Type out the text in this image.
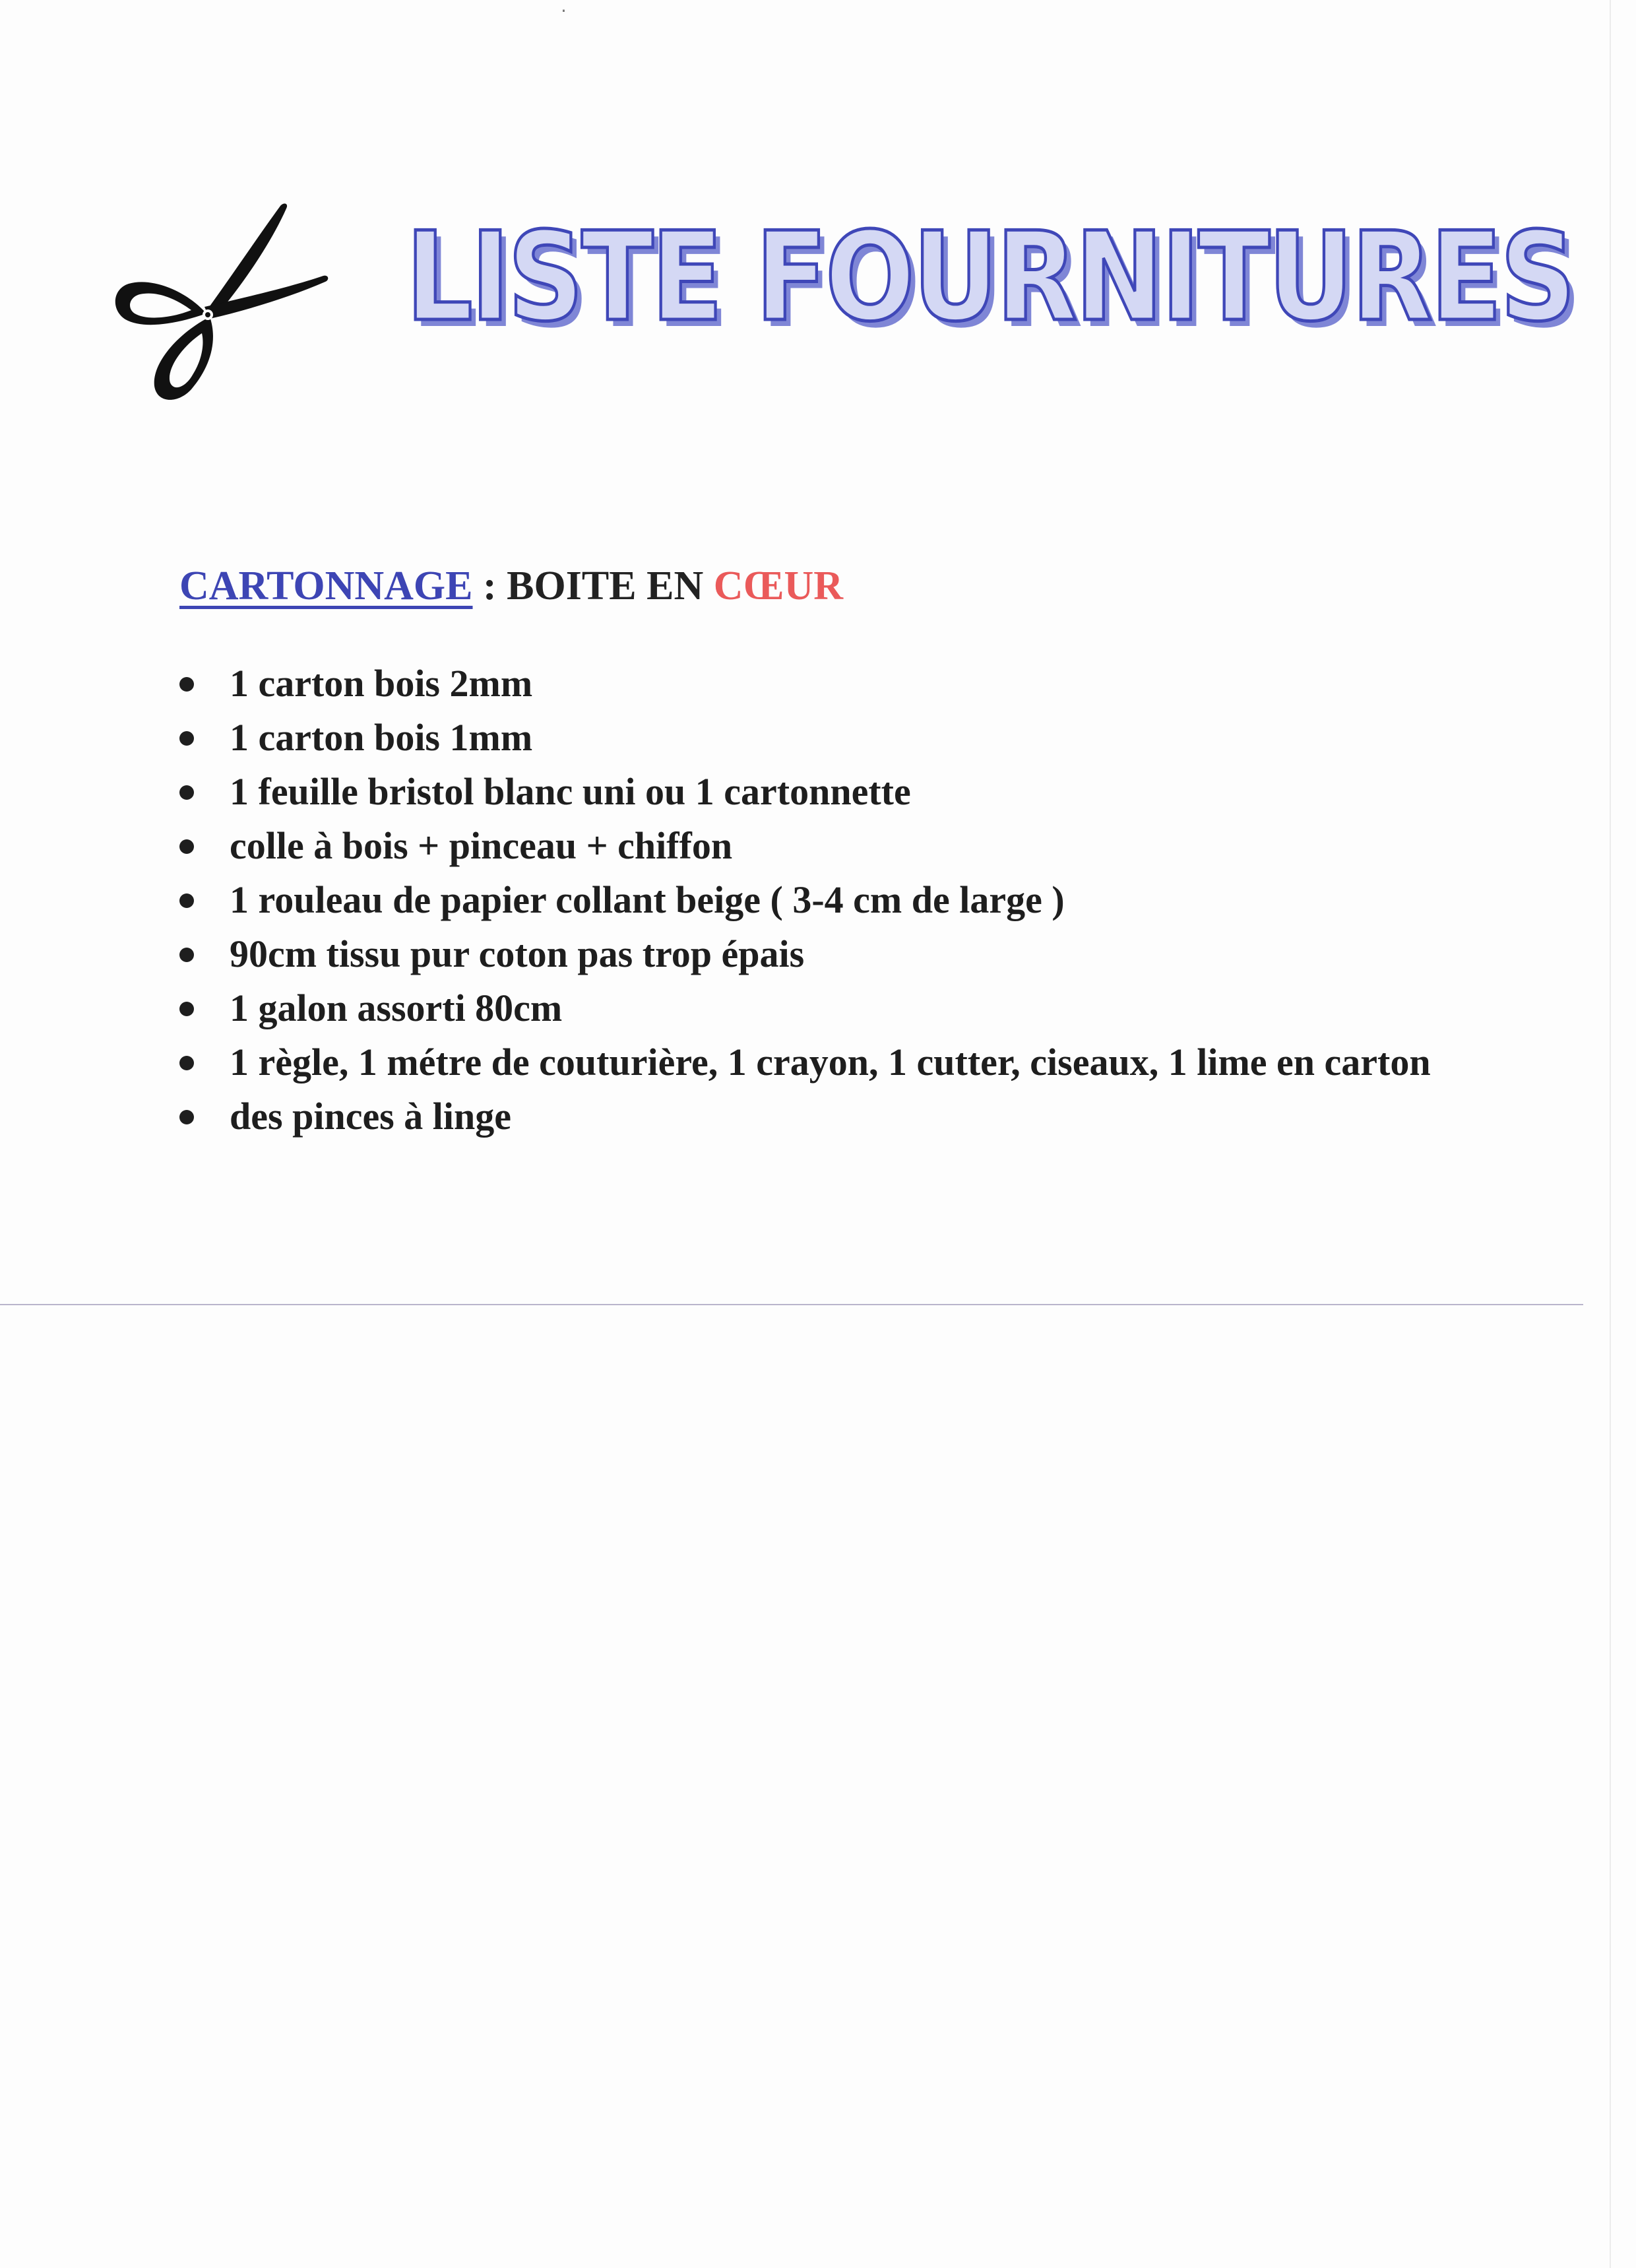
·
LISTE FOURNITURES
CARTONNAGE : BOITE EN CŒUR
1 carton bois 2mm
1 carton bois 1mm
1 feuille bristol blanc uni ou 1 cartonnette
colle à bois + pinceau + chiffon
1 rouleau de papier collant beige ( 3-4 cm de large )
90cm tissu pur coton pas trop épais
1 galon assorti 80cm
1 règle, 1 métre de couturière, 1 crayon, 1 cutter, ciseaux, 1 lime en carton
des pinces à linge
